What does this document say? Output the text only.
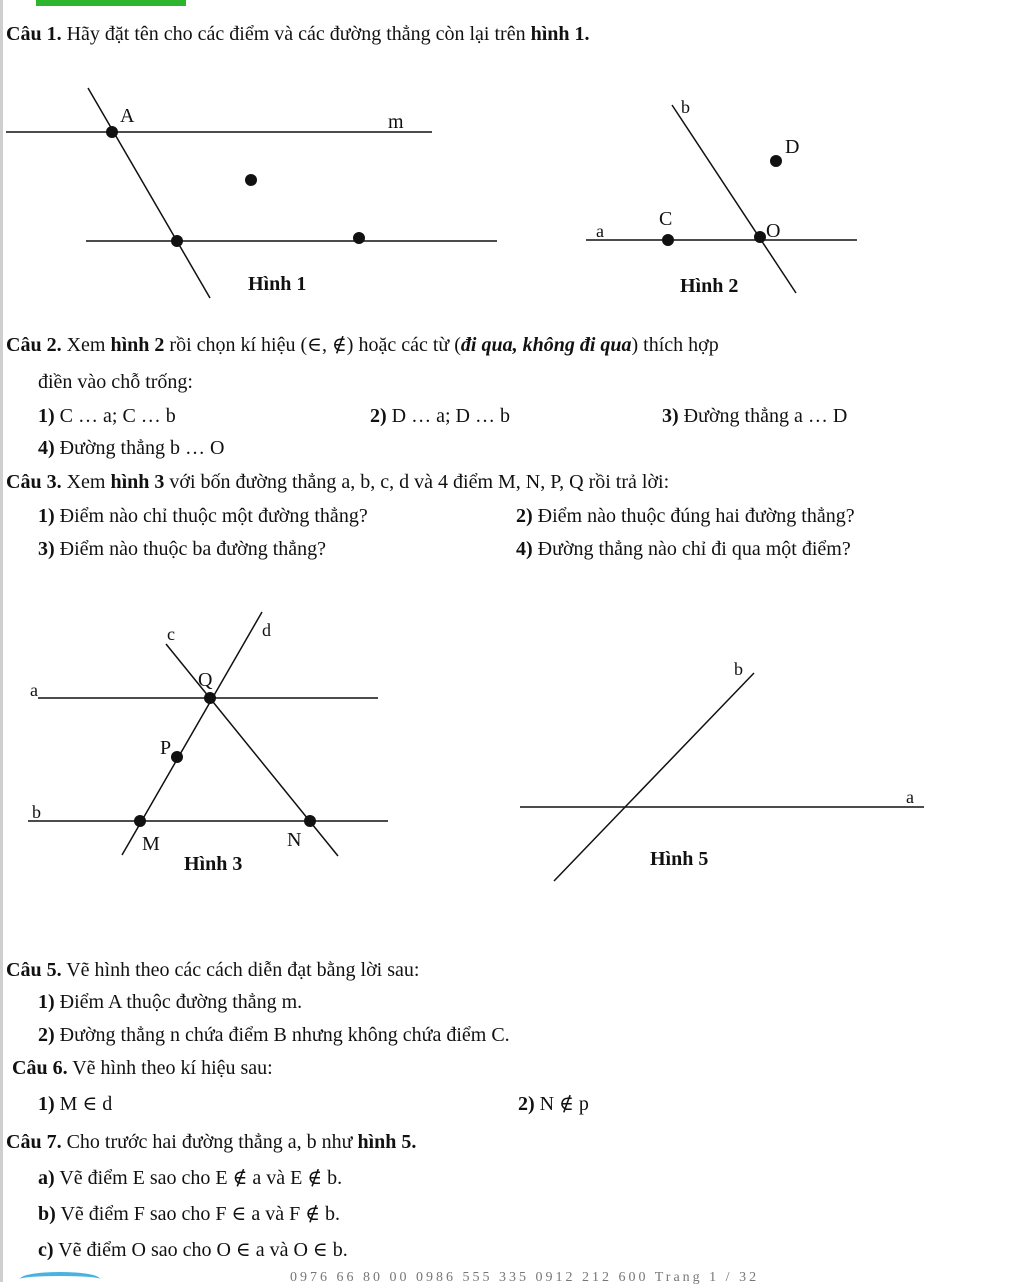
Câu 1. Hãy đặt tên cho các điểm và các đường thẳng còn lại trên hình 1.
A	m
Hình 1
b
D
a
C
O
Hình 2
Câu 2. Xem hình 2 rồi chọn kí hiệu (∈, ∉) hoặc các từ (đi qua, không đi qua) thích hợp
điền vào chỗ trống:
1) C … a; C … b	2) D … a; D … b	3) Đường thẳng a … D
4) Đường thẳng b … O
Câu 3. Xem hình 3 với bốn đường thẳng a, b, c, d và 4 điểm M, N, P, Q rồi trả lời:
1) Điểm nào chỉ thuộc một đường thẳng?	2) Điểm nào thuộc đúng hai đường thẳng?
3) Điểm nào thuộc ba đường thẳng?	4) Đường thẳng nào chỉ đi qua một điểm?
c	d
Q
a
P
b
M	N
Hình 3
b
a
Hình 5
Câu 5. Vẽ hình theo các cách diễn đạt bằng lời sau:
1) Điểm A thuộc đường thẳng m.
2) Đường thẳng n chứa điểm B nhưng không chứa điểm C.
Câu 6. Vẽ hình theo kí hiệu sau:
1) M ∈ d	2) N ∉ p
Câu 7. Cho trước hai đường thẳng a, b như hình 5.
a) Vẽ điểm E sao cho E ∉ a và E ∉ b.
b) Vẽ điểm F sao cho F ∈ a và F ∉ b.
c) Vẽ điểm O sao cho O ∈ a và O ∈ b.
0976 66 80 00 0986 555 335 0912 212 600 Trang 1 / 32
